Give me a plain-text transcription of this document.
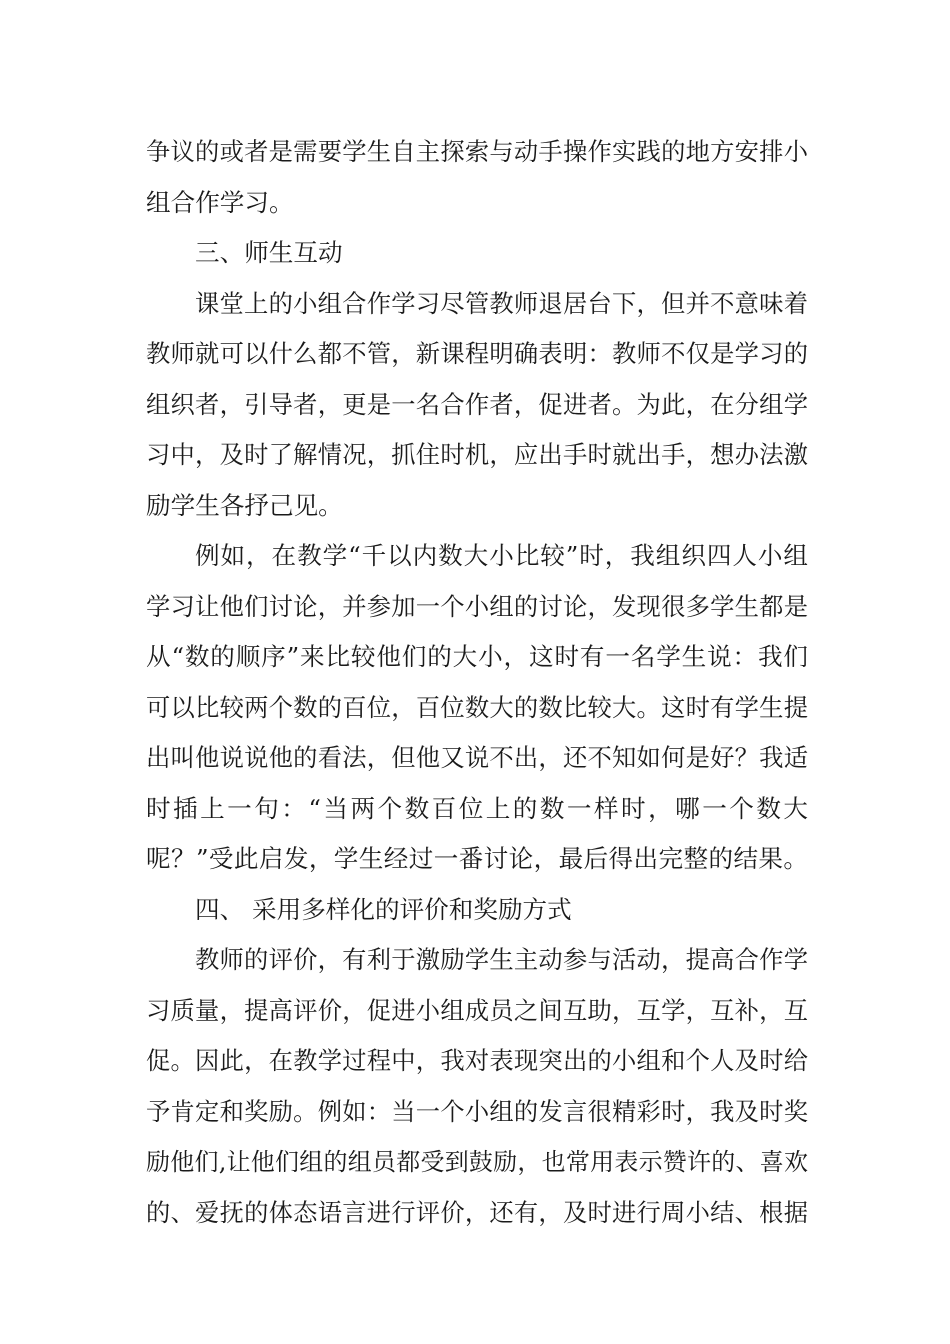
争议的或者是需要学生自主探索与动手操作实践的地方安排小
组合作学习。
三、师生互动
课堂上的小组合作学习尽管教师退居台下，但并不意味着
教师就可以什么都不管，新课程明确表明：教师不仅是学习的
组织者，引导者，更是一名合作者，促进者。为此，在分组学
习中，及时了解情况，抓住时机，应出手时就出手，想办法激
励学生各抒己见。
例如，在教学“千以内数大小比较”时，我组织四人小组
学习让他们讨论，并参加一个小组的讨论，发现很多学生都是
从“数的顺序”来比较他们的大小，这时有一名学生说：我们
可以比较两个数的百位，百位数大的数比较大。这时有学生提
出叫他说说他的看法，但他又说不出，还不知如何是好？我适
时插上一句：“当两个数百位上的数一样时，哪一个数大
呢？”受此启发，学生经过一番讨论，最后得出完整的结果。
四、 采用多样化的评价和奖励方式
教师的评价，有利于激励学生主动参与活动，提高合作学
习质量，提高评价，促进小组成员之间互助，互学，互补，互
促。因此，在教学过程中，我对表现突出的小组和个人及时给
予肯定和奖励。例如：当一个小组的发言很精彩时，我及时奖
励他们,让他们组的组员都受到鼓励，也常用表示赞许的、喜欢
的、爱抚的体态语言进行评价，还有，及时进行周小结、根据
